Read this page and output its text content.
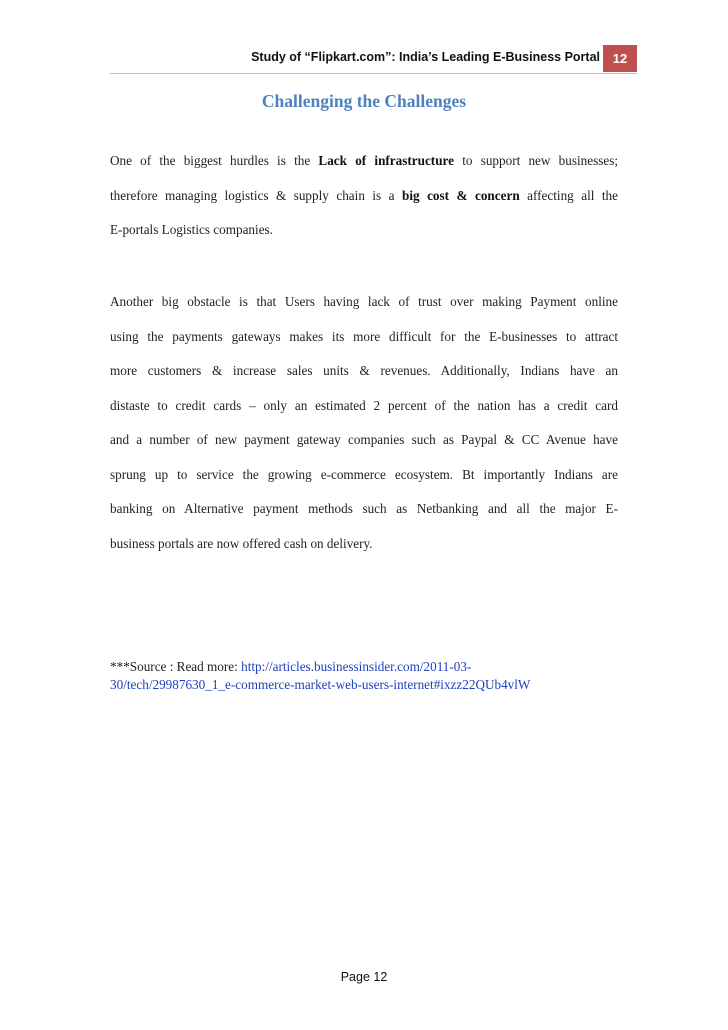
Study of “Flipkart.com”: India’s Leading E-Business Portal 12
Challenging the Challenges

One of the biggest hurdles is the Lack of infrastructure to support new businesses;
therefore managing logistics & supply chain is a big cost & concern affecting all the
E-portals Logistics companies.

Another big obstacle is that Users having lack of trust over making Payment online
using the payments gateways makes its more difficult for the E-businesses to attract
more customers & increase sales units & revenues. Additionally, Indians have an
distaste to credit cards – only an estimated 2 percent of the nation has a credit card
and a number of new payment gateway companies such as Paypal & CC Avenue have
sprung up to service the growing e-commerce ecosystem. Bt importantly Indians are
banking on Alternative payment methods such as Netbanking and all the major E-
business portals are now offered cash on delivery.

***Source : Read more: http://articles.businessinsider.com/2011-03-
30/tech/29987630_1_e-commerce-market-web-users-internet#ixzz22QUb4vlW

Page 12
